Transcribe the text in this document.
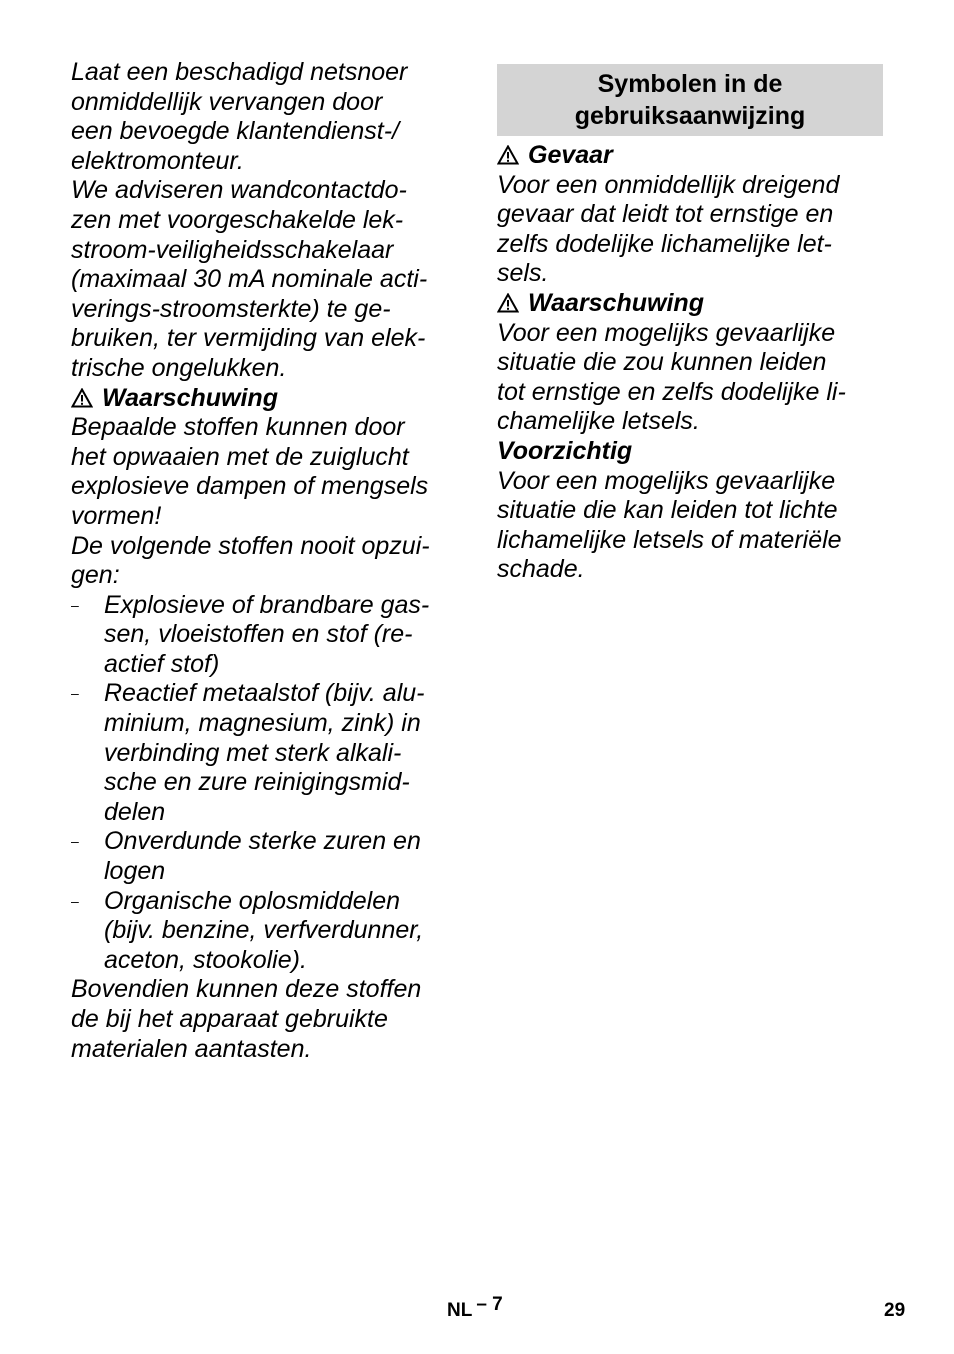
Laat een beschadigd netsnoer
onmiddellijk vervangen door
een bevoegde klantendienst-/
elektromonteur.
We adviseren wandcontactdo-
zen met voorgeschakelde lek-
stroom-veiligheidsschakelaar
(maximaal 30 mA nominale acti-
verings-stroomsterkte) te ge-
bruiken, ter vermijding van elek-
trische ongelukken.
Waarschuwing
Bepaalde stoffen kunnen door
het opwaaien met de zuiglucht
explosieve dampen of mengsels
vormen!
De volgende stoffen nooit opzui-
gen:
– Explosieve of brandbare gas-
sen, vloeistoffen en stof (re-
actief stof)
– Reactief metaalstof (bijv. alu-
minium, magnesium, zink) in
verbinding met sterk alkali-
sche en zure reinigingsmid-
delen
– Onverdunde sterke zuren en
logen
– Organische oplosmiddelen
(bijv. benzine, verfverdunner,
aceton, stookolie).
Bovendien kunnen deze stoffen
de bij het apparaat gebruikte
materialen aantasten.
Symbolen in de
gebruiksaanwijzing
Gevaar
Voor een onmiddellijk dreigend
gevaar dat leidt tot ernstige en
zelfs dodelijke lichamelijke let-
sels.
Waarschuwing
Voor een mogelijks gevaarlijke
situatie die zou kunnen leiden
tot ernstige en zelfs dodelijke li-
chamelijke letsels.
Voorzichtig
Voor een mogelijks gevaarlijke
situatie die kan leiden tot lichte
lichamelijke letsels of materiële
schade.
NL – 7	29
